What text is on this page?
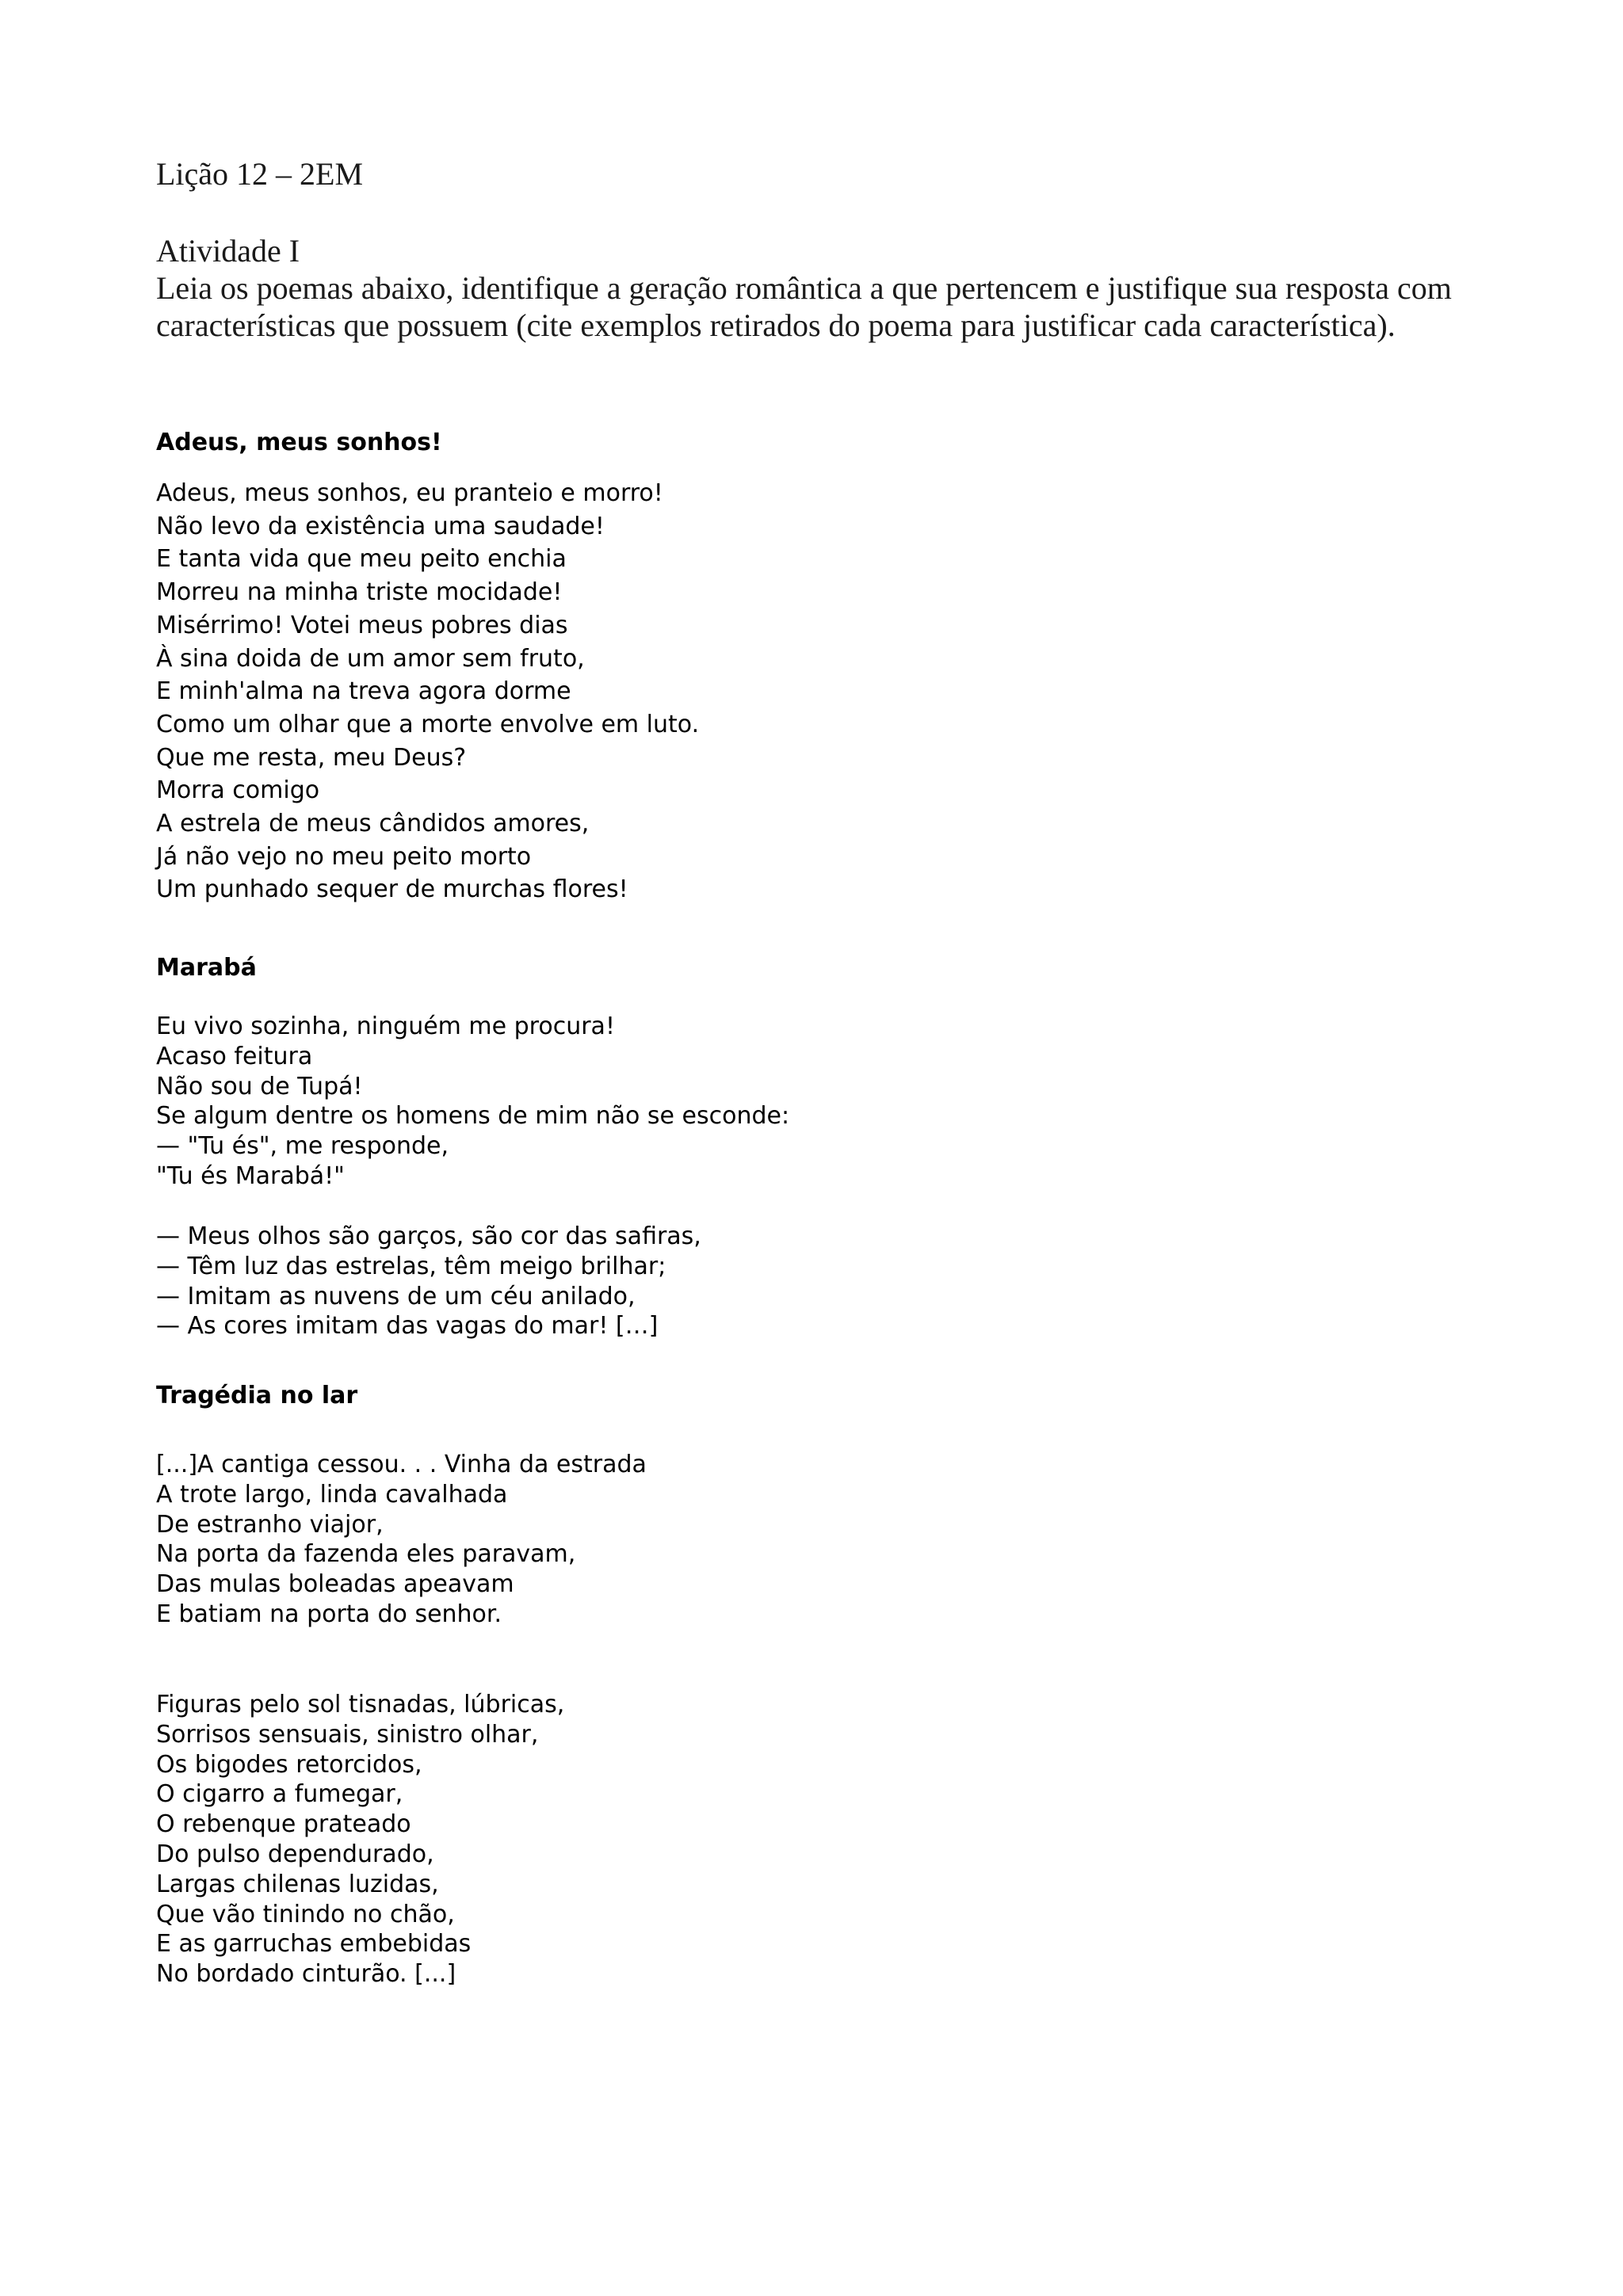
Lição 12 – 2EM
Atividade I

Leia os poemas abaixo, identifique a geração romântica a que pertencem e justifique sua resposta com características que possuem (cite exemplos retirados do poema para justificar cada característica).

Adeus, meus sonhos!
Adeus, meus sonhos, eu pranteio e morro!
Não levo da existência uma saudade!
E tanta vida que meu peito enchia
Morreu na minha triste mocidade!
Misérrimo! Votei meus pobres dias
À sina doida de um amor sem fruto,
E minh'alma na treva agora dorme
Como um olhar que a morte envolve em luto.
Que me resta, meu Deus?
Morra comigo
A estrela de meus cândidos amores,
Já não vejo no meu peito morto
Um punhado sequer de murchas flores!
Marabá
Eu vivo sozinha, ninguém me procura!
Acaso feitura
Não sou de Tupá!
Se algum dentre os homens de mim não se esconde:
— "Tu és", me responde,
"Tu és Marabá!"
— Meus olhos são garços, são cor das safiras,
— Têm luz das estrelas, têm meigo brilhar;
— Imitam as nuvens de um céu anilado,
— As cores imitam das vagas do mar! […]
Tragédia no lar
[...]A cantiga cessou. . . Vinha da estrada
A trote largo, linda cavalhada
De estranho viajor,
Na porta da fazenda eles paravam,
Das mulas boleadas apeavam
E batiam na porta do senhor.
Figuras pelo sol tisnadas, lúbricas,
Sorrisos sensuais, sinistro olhar,
Os bigodes retorcidos,
O cigarro a fumegar,
O rebenque prateado
Do pulso dependurado,
Largas chilenas luzidas,
Que vão tinindo no chão,
E as garruchas embebidas
No bordado cinturão. [...]
